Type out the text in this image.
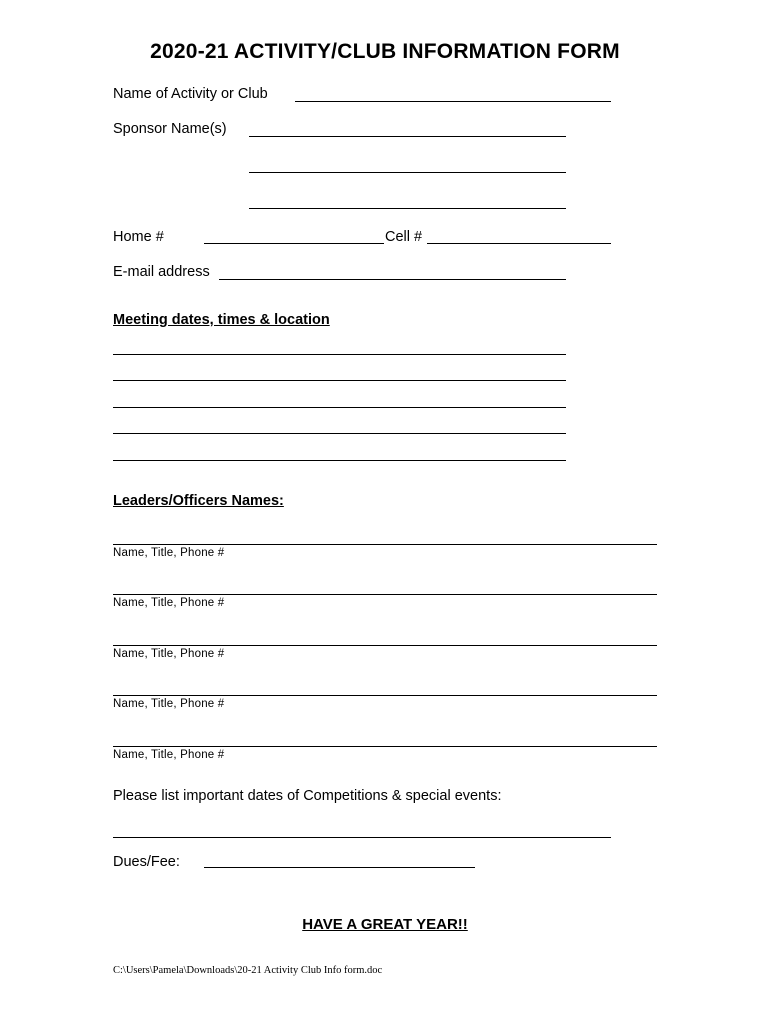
2020-21 ACTIVITY/CLUB INFORMATION FORM
Name of Activity or Club
Sponsor Name(s)
Home #	Cell #
E-mail address
Meeting dates, times & location
Leaders/Officers Names:
Name, Title, Phone #
Name, Title, Phone #
Name, Title, Phone #
Name, Title, Phone #
Name, Title, Phone #
Please list important dates of Competitions & special events:
Dues/Fee:
HAVE A GREAT YEAR!!
C:\Users\Pamela\Downloads\20-21 Activity Club Info form.doc
